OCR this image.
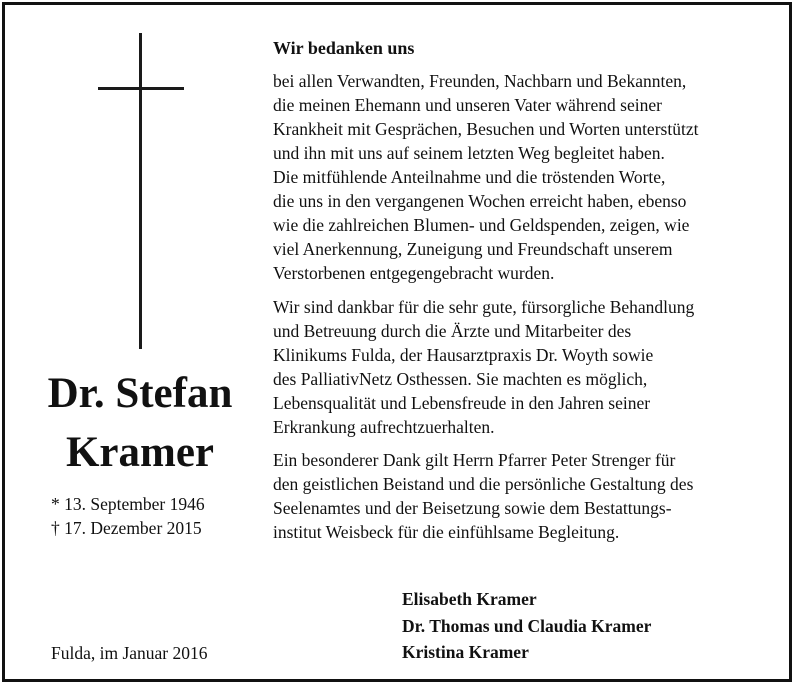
Dr. Stefan
Kramer
* 13. September 1946
† 17. Dezember 2015
Fulda, im Januar 2016
Wir bedanken uns
bei allen Verwandten, Freunden, Nachbarn und Bekannten,
die meinen Ehemann und unseren Vater während seiner
Krankheit mit Gesprächen, Besuchen und Worten unterstützt
und ihn mit uns auf seinem letzten Weg begleitet haben.
Die mitfühlende Anteilnahme und die tröstenden Worte,
die uns in den vergangenen Wochen erreicht haben, ebenso
wie die zahlreichen Blumen- und Geldspenden, zeigen, wie
viel Anerkennung, Zuneigung und Freundschaft unserem
Verstorbenen entgegengebracht wurden.
Wir sind dankbar für die sehr gute, fürsorgliche Behandlung
und Betreuung durch die Ärzte und Mitarbeiter des
Klinikums Fulda, der Hausarztpraxis Dr. Woyth sowie
des PalliativNetz Osthessen. Sie machten es möglich,
Lebensqualität und Lebensfreude in den Jahren seiner
Erkrankung aufrechtzuerhalten.
Ein besonderer Dank gilt Herrn Pfarrer Peter Strenger für
den geistlichen Beistand und die persönliche Gestaltung des
Seelenamtes und der Beisetzung sowie dem Bestattungs-
institut Weisbeck für die einfühlsame Begleitung.
Elisabeth Kramer
Dr. Thomas und Claudia Kramer
Kristina Kramer
